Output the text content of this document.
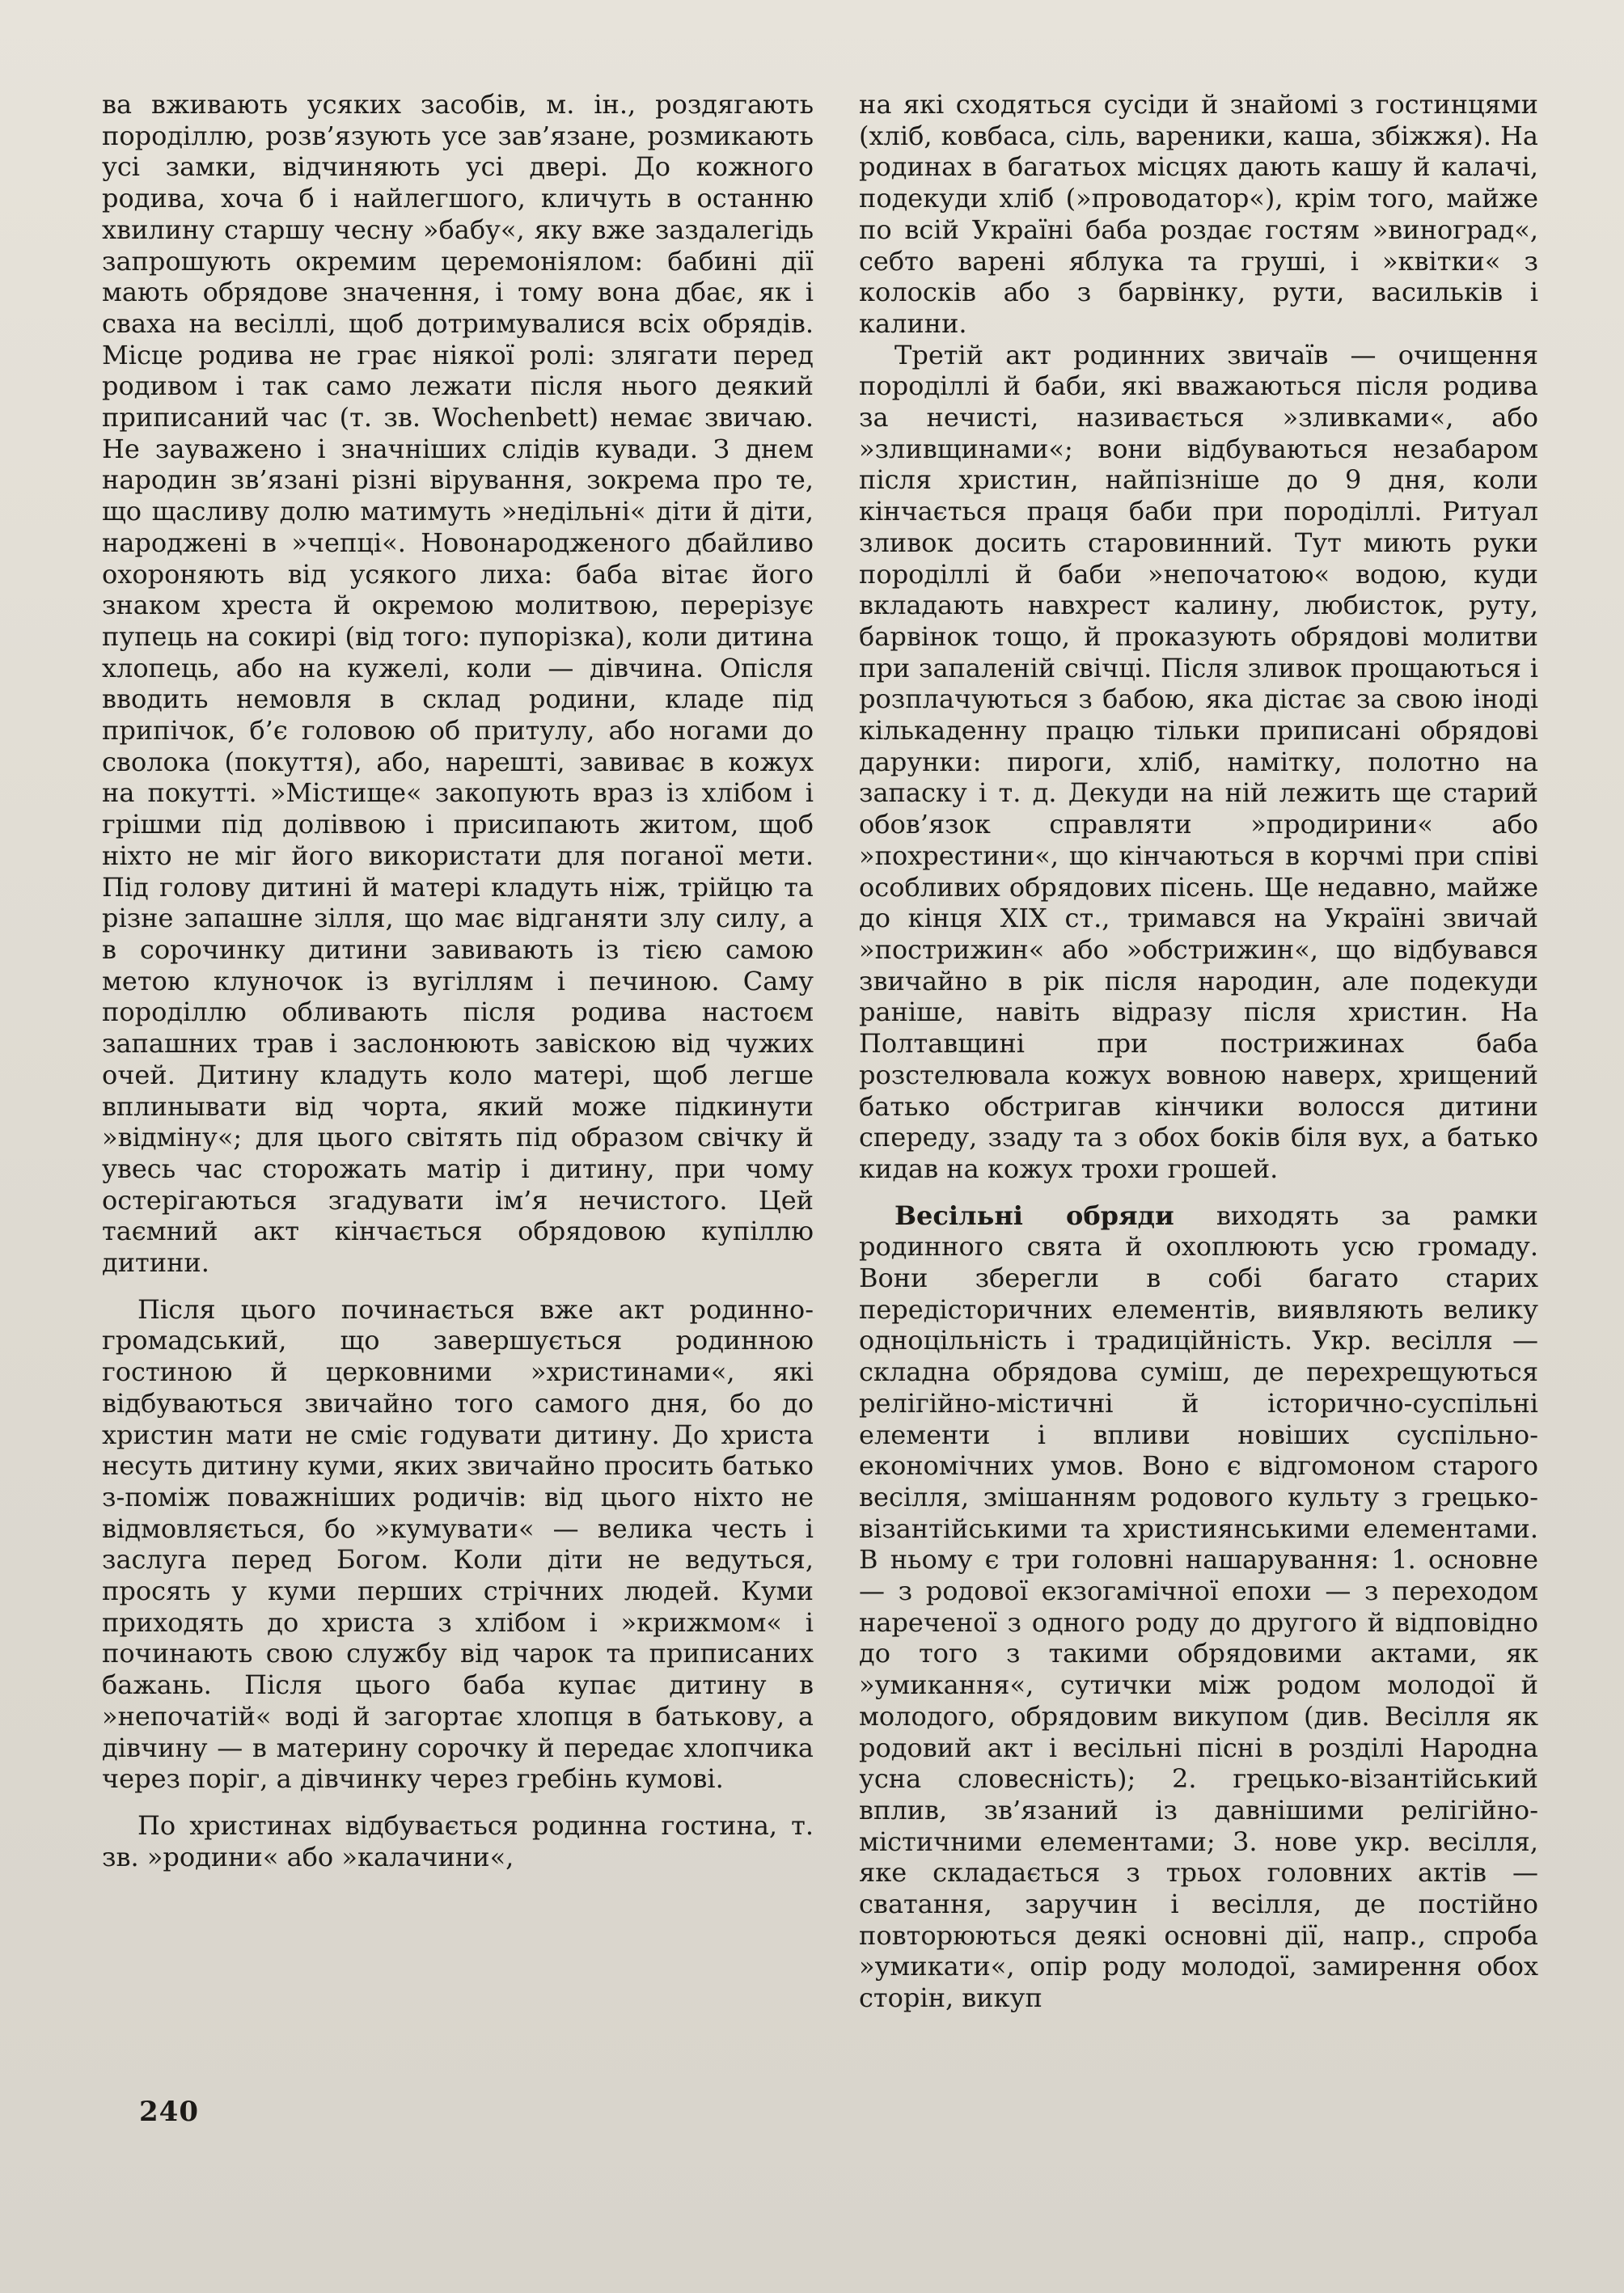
ва вживають усяких засобів, м. ін., роздягають породіллю, розв’язують усе зав’язане, розмикають усі замки, відчиняють усі двері. До кожного родива, хоча б і найлегшого, кличуть в останню хвилину старшу чесну »бабу«, яку вже заздалегідь запрошують окремим церемоніялом: бабині дії мають обрядове значення, і тому вона дбає, як і сваха на весіллі, щоб дотримувалися всіх обрядів. Місце родива не грає ніякої ролі: злягати перед родивом і так само лежати після нього деякий приписаний час (т. зв. Wochenbett) немає звичаю. Не зауважено і значніших слідів кувади. З днем народин зв’язані різні вірування, зокрема про те, що щасливу долю матимуть »недільні« діти й діти, народжені в »чепці«. Новонародженого дбайливо охороняють від усякого лиха: баба вітає його знаком хреста й окремою молитвою, перерізує пупець на сокирі (від того: пупорізка), коли дитина хлопець, або на кужелі, коли — дівчина. Опісля вводить немовля в склад родини, кладе під припічок, б’є головою об притулу, або ногами до сволока (покуття), або, нарешті, завиває в кожух на покутті. »Містище« закопують враз із хлібом і грішми під доліввою і присипають житом, щоб ніхто не міг його використати для поганої мети. Під голову дитині й матері кладуть ніж, трійцю та різне запашне зілля, що має відганяти злу силу, а в сорочинку дитини завивають із тією самою метою клуночок із вугіллям і печиною. Саму породіллю обливають після родива настоєм запашних трав і заслонюють завіскою від чужих очей. Дитину кладуть коло матері, щоб легше вплинывати від чорта, який може підкинути »відміну«; для цього світять під образом свічку й увесь час сторожать матір і дитину, при чому остерігаються згадувати ім’я нечистого. Цей таємний акт кінчається обрядовою купіллю дитини.

Після цього починається вже акт родинно-громадський, що завершується родинною гостиною й церковними »христинами«, які відбуваються звичайно того самого дня, бо до христин мати не сміє годувати дитину. До христа несуть дитину куми, яких звичайно просить батько з-поміж поважніших родичів: від цього ніхто не відмовляється, бо »кумувати« — велика честь і заслуга перед Богом. Коли діти не ведуться, просять у куми перших стрічних людей. Куми приходять до христа з хлібом і »крижмом« і починають свою службу від чарок та приписаних бажань. Після цього баба купає дитину в »непочатій« воді й загортає хлопця в батькову, а дівчину — в материну сорочку й передає хлопчика через поріг, а дівчинку через гребінь кумові.

По христинах відбувається родинна гостина, т. зв. »родини« або »калачини«,

на які сходяться сусіди й знайомі з гостинцями (хліб, ковбаса, сіль, вареники, каша, збіжжя). На родинах в багатьох місцях дають кашу й калачі, подекуди хліб (»проводатор«), крім того, майже по всій Україні баба роздає гостям »виноград«, себто варені яблука та груші, і »квітки« з колосків або з барвінку, рути, васильків і калини.

Третій акт родинних звичаїв — очищення породіллі й баби, які вважаються після родива за нечисті, називається »зливками«, або »зливщинами«; вони відбуваються незабаром після христин, найпізніше до 9 дня, коли кінчається праця баби при породіллі. Ритуал зливок досить старовинний. Тут миють руки породіллі й баби »непочатою« водою, куди вкладають навхрест калину, любисток, руту, барвінок тощо, й проказують обрядові молитви при запаленій свічці. Після зливок прощаються і розплачуються з бабою, яка дістає за свою іноді кількаденну працю тільки приписані обрядові дарунки: пироги, хліб, намітку, полотно на запаску і т. д. Декуди на ній лежить ще старий обов’язок справляти »продирини« або »похрестини«, що кінчаються в корчмі при співі особливих обрядових пісень. Ще недавно, майже до кінця XIX ст., тримався на Україні звичай »пострижин« або »обстрижин«, що відбувався звичайно в рік після народин, але подекуди раніше, навіть відразу після христин. На Полтавщині при пострижинах баба розстелювала кожух вовною наверх, хрищений батько обстригав кінчики волосся дитини спереду, ззаду та з обох боків біля вух, а батько кидав на кожух трохи грошей.

Весільні обряди виходять за рамки родинного свята й охоплюють усю громаду. Вони зберегли в собі багато старих передісторичних елементів, виявляють велику одноцільність і традиційність. Укр. весілля — складна обрядова суміш, де перехрещуються релігійно-містичні й історично-суспільні елементи і впливи новіших суспільно-економічних умов. Воно є відгомоном старого весілля, змішанням родового культу з грецько-візантійськими та християнськими елементами. В ньому є три головні нашарування: 1. основне — з родової екзогамічної епохи — з переходом нареченої з одного роду до другого й відповідно до того з такими обрядовими актами, як »умикання«, сутички між родом молодої й молодого, обрядовим викупом (див. Весілля як родовий акт і весільні пісні в розділі Народна усна словесність); 2. грецько-візантійський вплив, зв’язаний із давнішими релігійно-містичними елементами; 3. нове укр. весілля, яке складається з трьох головних актів — сватання, заручин і весілля, де постійно повторюються деякі основні дії, напр., спроба »умикати«, опір роду молодої, замирення обох сторін, викуп

240
